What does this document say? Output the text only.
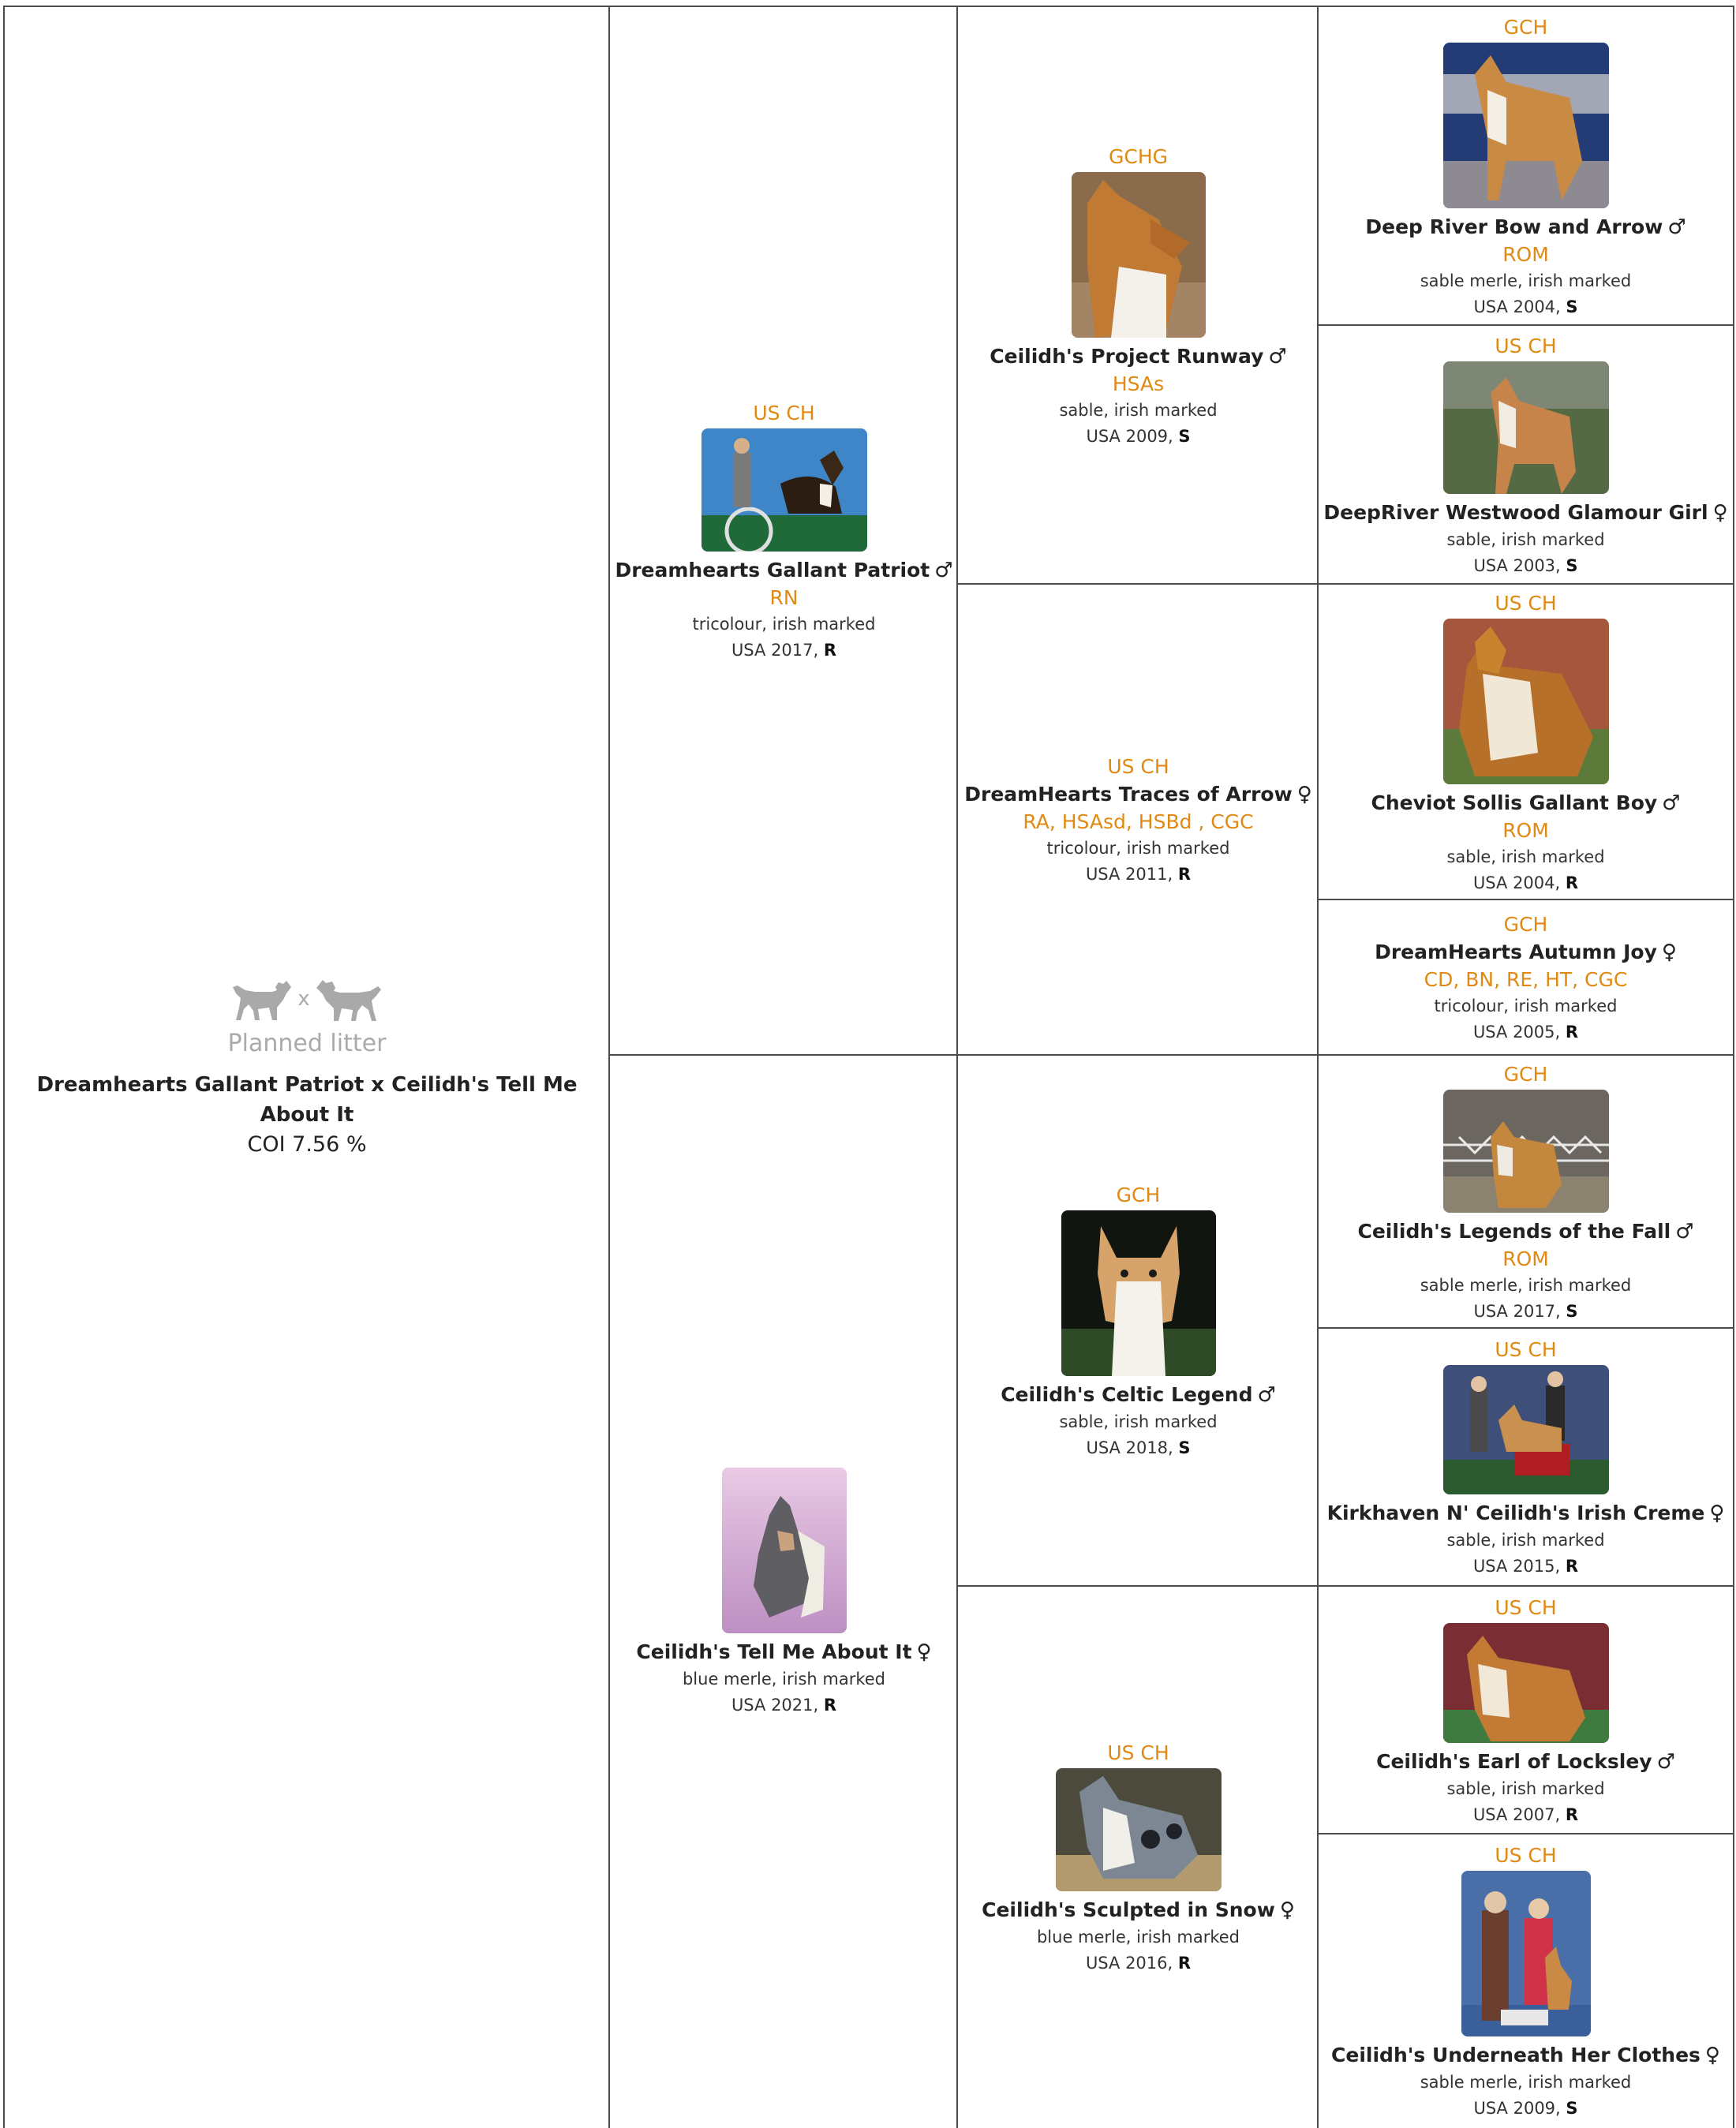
x
Planned litter
Dreamhearts Gallant Patriot x Ceilidh's Tell Me About It
COI 7.56 %
US CH
Dreamhearts Gallant Patriot ♂
RN
tricolour, irish marked
USA 2017, R
Ceilidh's Tell Me About It ♀
blue merle, irish marked
USA 2021, R
GCHG
Ceilidh's Project Runway ♂
HSAs
sable, irish marked
USA 2009, S
US CH
DreamHearts Traces of Arrow ♀
RA, HSAsd, HSBd , CGC
tricolour, irish marked
USA 2011, R
GCH
Ceilidh's Celtic Legend ♂
sable, irish marked
USA 2018, S
US CH
Ceilidh's Sculpted in Snow ♀
blue merle, irish marked
USA 2016, R
GCH
Deep River Bow and Arrow ♂
ROM
sable merle, irish marked
USA 2004, S
US CH
DeepRiver Westwood Glamour Girl ♀
sable, irish marked
USA 2003, S
US CH
Cheviot Sollis Gallant Boy ♂
ROM
sable, irish marked
USA 2004, R
GCH
DreamHearts Autumn Joy ♀
CD, BN, RE, HT, CGC
tricolour, irish marked
USA 2005, R
GCH
Ceilidh's Legends of the Fall ♂
ROM
sable merle, irish marked
USA 2017, S
US CH
Kirkhaven N' Ceilidh's Irish Creme ♀
sable, irish marked
USA 2015, R
US CH
Ceilidh's Earl of Locksley ♂
sable, irish marked
USA 2007, R
US CH
Ceilidh's Underneath Her Clothes ♀
sable merle, irish marked
USA 2009, S
